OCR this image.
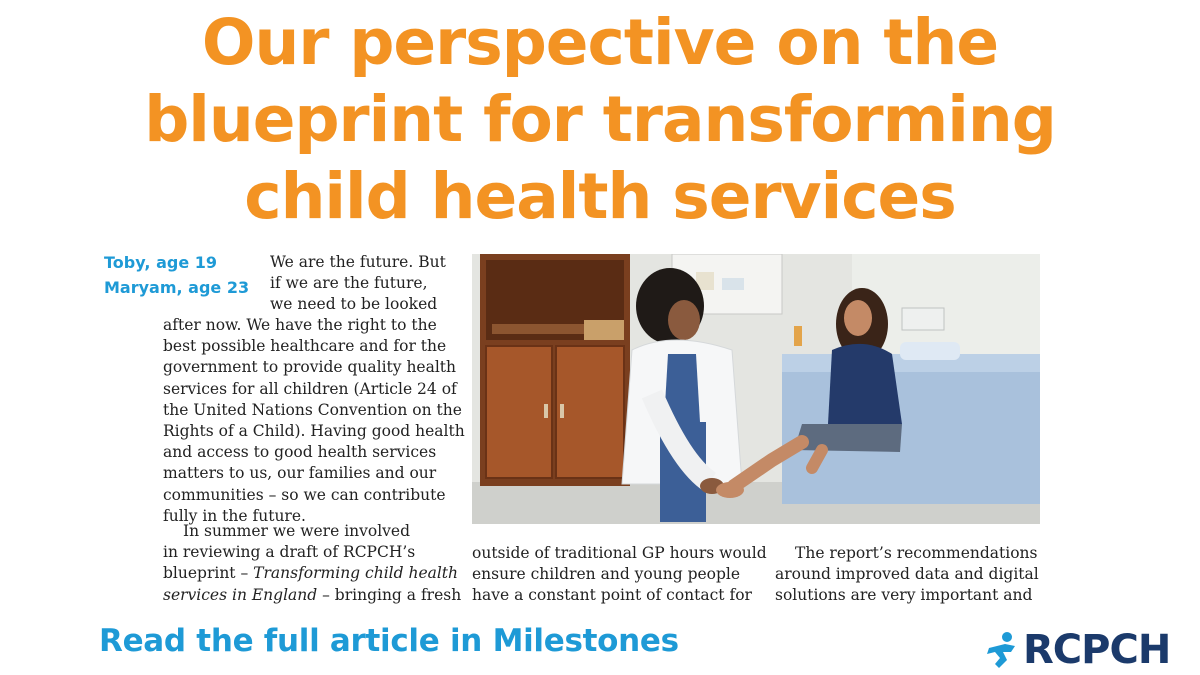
Our perspective on the
blueprint for transforming
child health services
Toby, age 19
Maryam, age 23

We are the future. But
if we are the future,
we need to be looked

after now. We have the right to the
best possible healthcare and for the
government to provide quality health
services for all children (Article 24 of
the United Nations Convention on the
Rights of a Child). Having good health
and access to good health services
matters to us, our families and our
communities – so we can contribute
fully in the future.

In summer we were involved
in reviewing a draft of RCPCH’s
blueprint – Transforming child health
services in England – bringing a fresh

outside of traditional GP hours would
ensure children and young people
have a constant point of contact for

The report’s recommendations
around improved data and digital
solutions are very important and

Read the full article in Milestones	RCPCH
